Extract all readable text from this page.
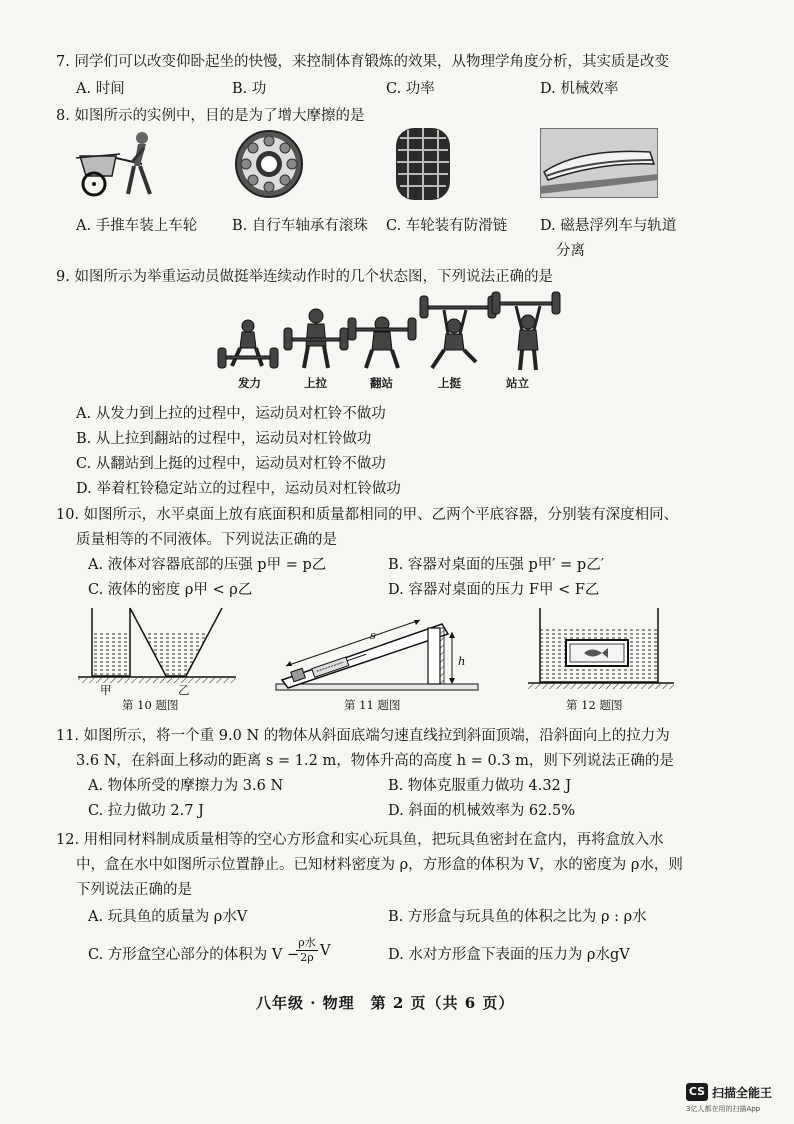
7. 同学们可以改变仰卧起坐的快慢，来控制体育锻炼的效果，从物理学角度分析，其实质是改变
A. 时间	B. 功	C. 功率	D. 机械效率
8. 如图所示的实例中，目的是为了增大摩擦的是
A. 手推车装上车轮 B. 自行车轴承有滚珠 C. 车轮装有防滑链 D. 磁悬浮列车与轨道
分离
9. 如图所示为举重运动员做挺举连续动作时的几个状态图，下列说法正确的是
发力	上拉	翻站	上挺	站立
A. 从发力到上拉的过程中，运动员对杠铃不做功
B. 从上拉到翻站的过程中，运动员对杠铃做功
C. 从翻站到上挺的过程中，运动员对杠铃不做功
D. 举着杠铃稳定站立的过程中，运动员对杠铃做功
10. 如图所示，水平桌面上放有底面积和质量都相同的甲、乙两个平底容器，分别装有深度相同、
质量相等的不同液体。下列说法正确的是
A. 液体对容器底部的压强 p甲 = p乙	B. 容器对桌面的压强 p甲′ = p乙′
C. 液体的密度 ρ甲 < ρ乙	D. 容器对桌面的压力 F甲 < F乙
甲	乙
第 10 题图
s
h
第 11 题图	第 12 题图
11. 如图所示，将一个重 9.0 N 的物体从斜面底端匀速直线拉到斜面顶端，沿斜面向上的拉力为
3.6 N，在斜面上移动的距离 s = 1.2 m，物体升高的高度 h = 0.3 m，则下列说法正确的是
A. 物体所受的摩擦力为 3.6 N	B. 物体克服重力做功 4.32 J
C. 拉力做功 2.7 J	D. 斜面的机械效率为 62.5%
12. 用相同材料制成质量相等的空心方形盒和实心玩具鱼，把玩具鱼密封在盒内，再将盒放入水
中，盒在水中如图所示位置静止。已知材料密度为 ρ，方形盒的体积为 V，水的密度为 ρ水，则
下列说法正确的是
A. 玩具鱼的质量为 ρ水V	B. 方形盒与玩具鱼的体积之比为 ρ : ρ水
C. 方形盒空心部分的体积为 V −
ρ水
2ρ V	D. 水对方形盒下表面的压力为 ρ水gV
八年级 · 物理　第 2 页（共 6 页）
CS 扫描全能王
3亿人都在用的扫描App
